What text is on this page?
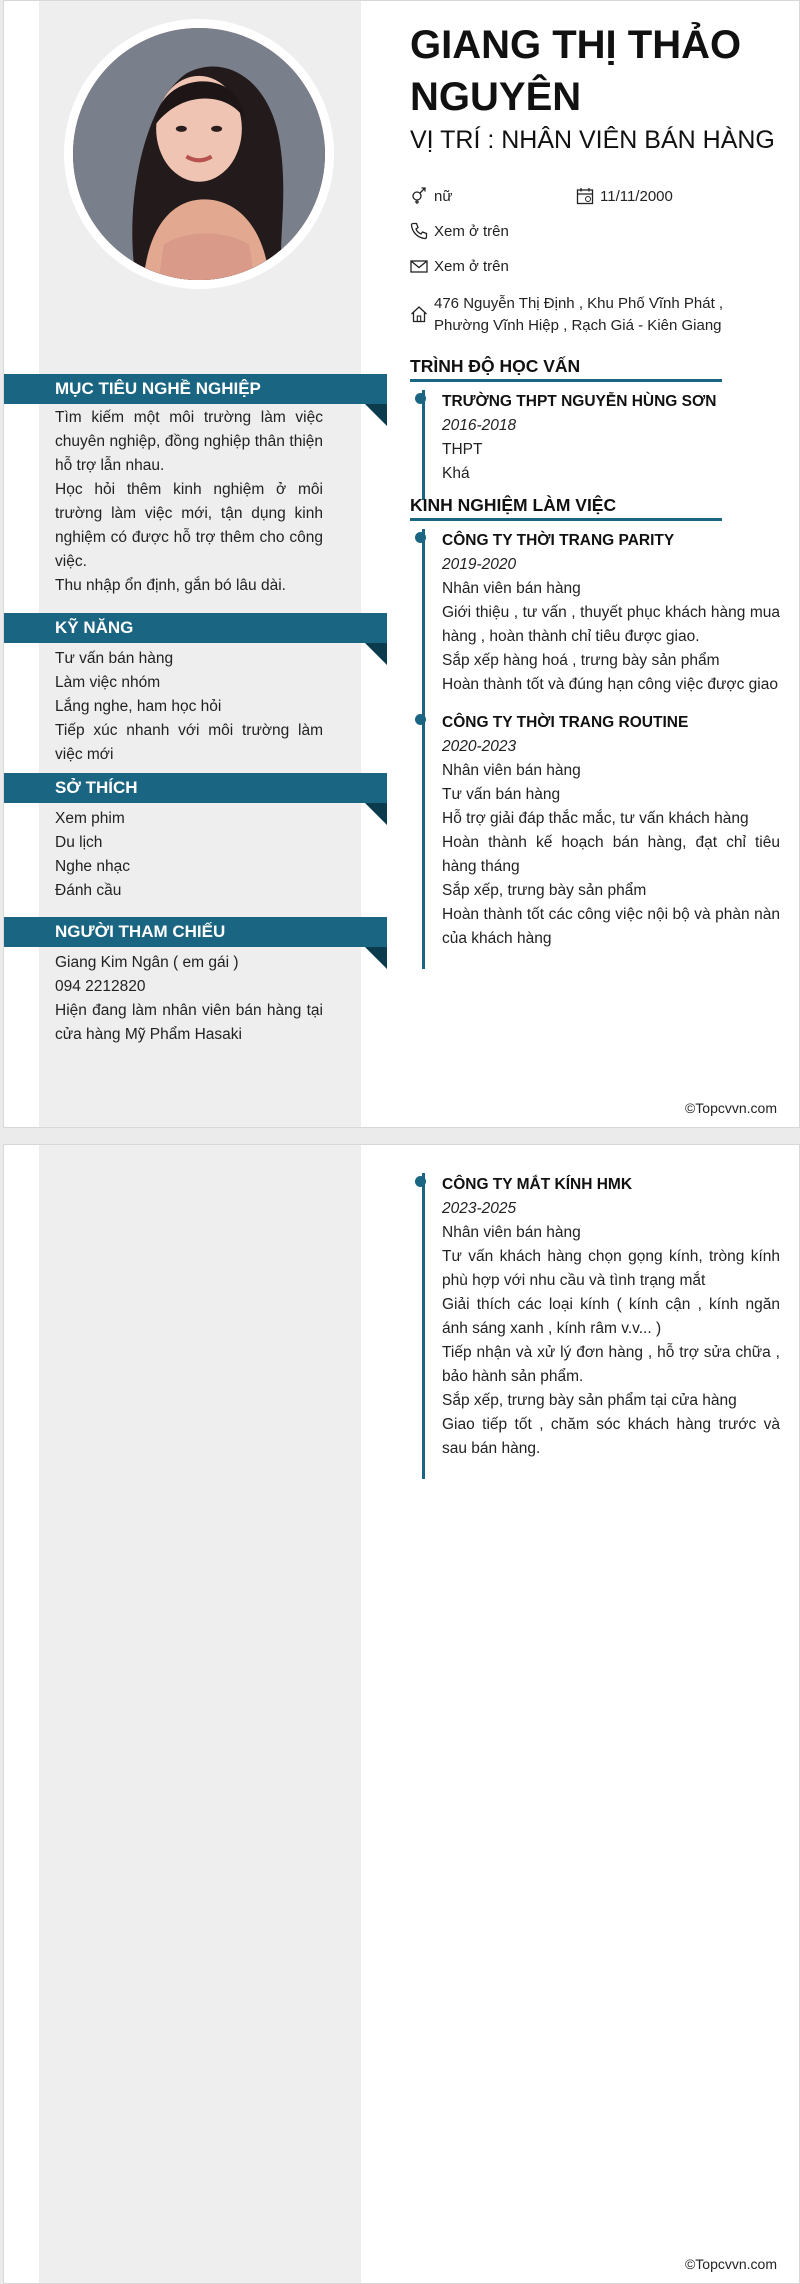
GIANG THỊ THẢO NGUYÊN
VỊ TRÍ : NHÂN VIÊN BÁN HÀNG
nữ	11/11/2000
Xem ở trên
Xem ở trên
476 Nguyễn Thị Định , Khu Phố Vĩnh Phát , Phường Vĩnh Hiệp , Rạch Giá - Kiên Giang
MỤC TIÊU NGHỀ NGHIỆP

Tìm kiếm một môi trường làm việc chuyên nghiệp, đồng nghiệp thân thiện hỗ trợ lẫn nhau.

Học hỏi thêm kinh nghiệm ở môi trường làm việc mới, tận dụng kinh nghiệm có được hỗ trợ thêm cho công việc.

Thu nhập ổn định, gắn bó lâu dài.

KỸ NĂNG

Tư vấn bán hàng

Làm việc nhóm

Lắng nghe, ham học hỏi

Tiếp xúc nhanh với môi trường làm việc mới

SỞ THÍCH

Xem phim

Du lịch

Nghe nhạc

Đánh cầu

NGƯỜI THAM CHIẾU

Giang Kim Ngân ( em gái )

094 2212820

Hiện đang làm nhân viên bán hàng tại cửa hàng Mỹ Phẩm Hasaki

TRÌNH ĐỘ HỌC VẤN
TRƯỜNG THPT NGUYỄN HÙNG SƠN
2016-2018
THPT
Khá
KINH NGHIỆM LÀM VIỆC
CÔNG TY THỜI TRANG PARITY
2019-2020
Nhân viên bán hàng
Giới thiệu , tư vấn , thuyết phục khách hàng mua hàng , hoàn thành chỉ tiêu được giao.
Sắp xếp hàng hoá , trưng bày sản phẩm
Hoàn thành tốt và đúng hạn công việc được giao
CÔNG TY THỜI TRANG ROUTINE
2020-2023
Nhân viên bán hàng
Tư vấn bán hàng
Hỗ trợ giải đáp thắc mắc, tư vấn khách hàng
Hoàn thành kế hoạch bán hàng, đạt chỉ tiêu hàng tháng
Sắp xếp, trưng bày sản phẩm
Hoàn thành tốt các công việc nội bộ và phàn nàn của khách hàng
©Topcvvn.com
CÔNG TY MẮT KÍNH HMK
2023-2025
Nhân viên bán hàng
Tư vấn khách hàng chọn gọng kính, tròng kính phù hợp với nhu cầu và tình trạng mắt
Giải thích các loại kính ( kính cận , kính ngăn ánh sáng xanh , kính râm v.v... )
Tiếp nhận và xử lý đơn hàng , hỗ trợ sửa chữa , bảo hành sản phẩm.
Sắp xếp, trưng bày sản phẩm tại cửa hàng
Giao tiếp tốt , chăm sóc khách hàng trước và sau bán hàng.
©Topcvvn.com
